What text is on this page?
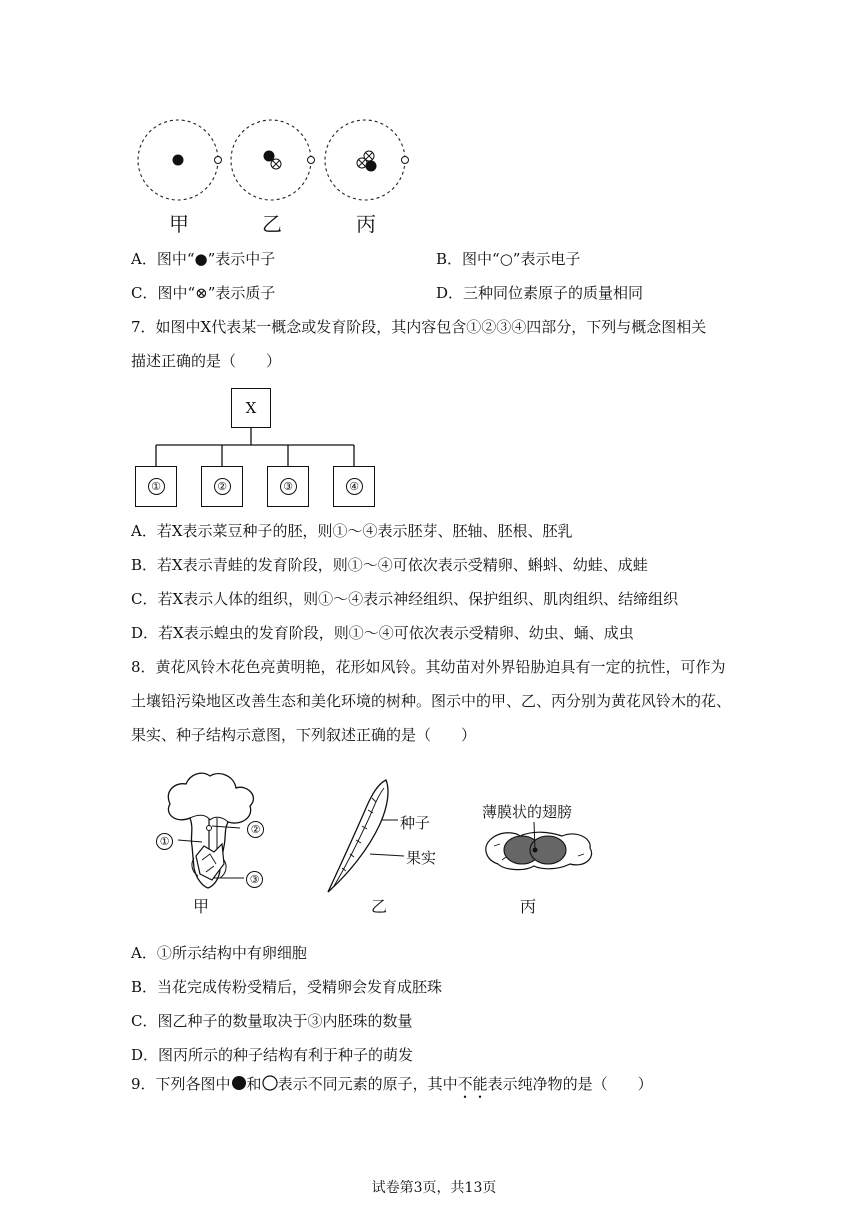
甲	乙	丙
A．图中“●”表示中子	B．图中“○”表示电子
C．图中“⊗”表示质子	D．三种同位素原子的质量相同
7．如图中X代表某一概念或发育阶段，其内容包含①②③④四部分，下列与概念图相关
描述正确的是（　　）
X
①	②	③	④
A．若X表示菜豆种子的胚，则①～④表示胚芽、胚轴、胚根、胚乳
B．若X表示青蛙的发育阶段，则①～④可依次表示受精卵、蝌蚪、幼蛙、成蛙
C．若X表示人体的组织，则①～④表示神经组织、保护组织、肌肉组织、结缔组织
D．若X表示蝗虫的发育阶段，则①～④可依次表示受精卵、幼虫、蛹、成虫
8．黄花风铃木花色亮黄明艳，花形如风铃。其幼苗对外界铅胁迫具有一定的抗性，可作为
土壤铅污染地区改善生态和美化环境的树种。图示中的甲、乙、丙分别为黄花风铃木的花、
果实、种子结构示意图，下列叙述正确的是（　　）
①
②
③
甲
种子
果实
乙
薄膜状的翅膀
丙
A．①所示结构中有卵细胞
B．当花完成传粉受精后，受精卵会发育成胚珠
C．图乙种子的数量取决于③内胚珠的数量
D．图丙所示的种子结构有利于种子的萌发
9．下列各图中 和 表示不同元素的原子，其中不能表示纯净物的是（　　）
试卷第3页，共13页
